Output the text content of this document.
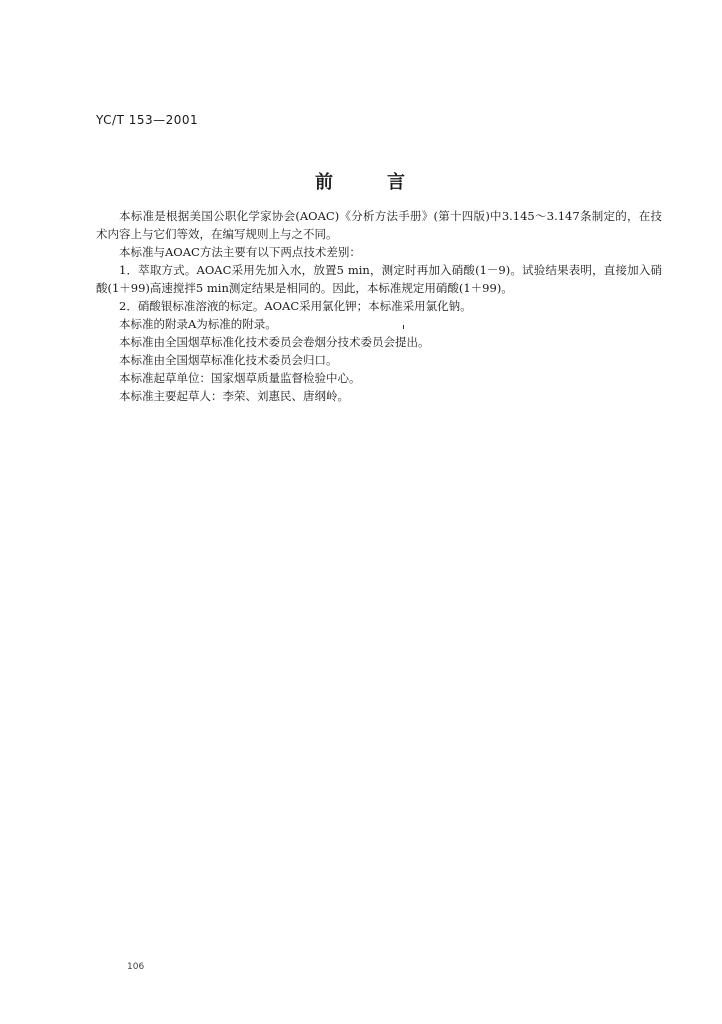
YC/T 153—2001
前	言

本标准是根据美国公职化学家协会(AOAC)《分析方法手册》(第十四版)中3.145～3.147条制定的，在技术内容上与它们等效，在编写规则上与之不同。

本标准与AOAC方法主要有以下两点技术差别：

1．萃取方式。AOAC采用先加入水，放置5 min，测定时再加入硝酸(1－9)。试验结果表明，直接加入硝酸(1＋99)高速搅拌5 min测定结果是相同的。因此，本标准规定用硝酸(1＋99)。

2．硝酸银标准溶液的标定。AOAC采用氯化钾；本标准采用氯化钠。

本标准的附录A为标准的附录。

本标准由全国烟草标准化技术委员会卷烟分技术委员会提出。

本标准由全国烟草标准化技术委员会归口。

本标准起草单位：国家烟草质量监督检验中心。

本标准主要起草人：李荣、刘惠民、唐纲岭。

106
